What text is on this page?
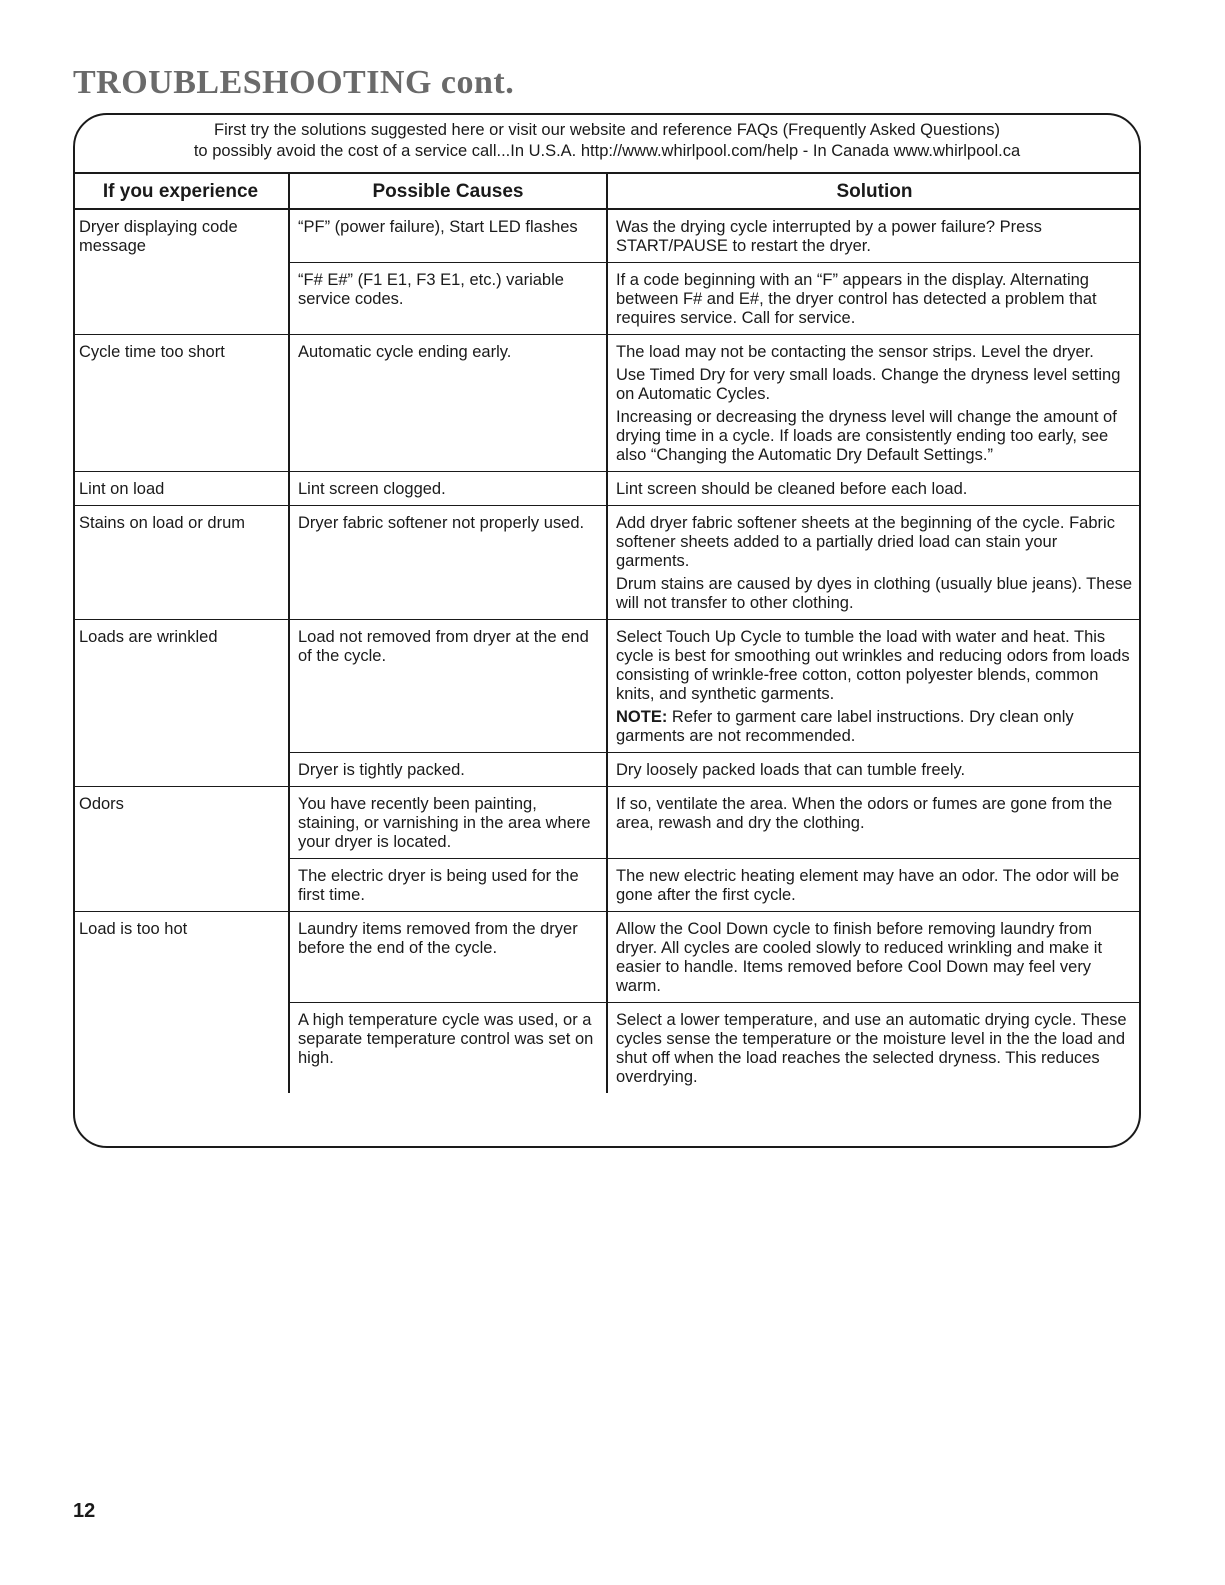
TROUBLESHOOTING cont.
First try the solutions suggested here or visit our website and reference FAQs (Frequently Asked Questions)
to possibly avoid the cost of a service call...In U.S.A. http://www.whirlpool.com/help - In Canada www.whirlpool.ca
If you experience	Possible Causes	Solution
Dryer displaying code message	“PF” (power failure), Start LED flashes	Was the drying cycle interrupted by a power failure? Press START/PAUSE to restart the dryer.

	“F# E#” (F1 E1, F3 E1, etc.) variable service codes.	If a code beginning with an “F” appears in the display. Alternating between F# and E#, the dryer control has detected a problem that requires service. Call for service.

Cycle time too short	Automatic cycle ending early.	The load may not be contacting the sensor strips. Level the dryer.

Use Timed Dry for very small loads. Change the dryness level setting on Automatic Cycles.

Increasing or decreasing the dryness level will change the amount of drying time in a cycle. If loads are consistently ending too early, see also “Changing the Automatic Dry Default Settings.”

Lint on load	Lint screen clogged.	Lint screen should be cleaned before each load.

Stains on load or drum	Dryer fabric softener not properly used.	Add dryer fabric softener sheets at the beginning of the cycle. Fabric softener sheets added to a partially dried load can stain your garments.

Drum stains are caused by dyes in clothing (usually blue jeans). These will not transfer to other clothing.

Loads are wrinkled	Load not removed from dryer at the end of the cycle.	Select Touch Up Cycle to tumble the load with water and heat. This cycle is best for smoothing out wrinkles and reducing odors from loads consisting of wrinkle-free cotton, cotton polyester blends, common knits, and synthetic garments.

NOTE: Refer to garment care label instructions. Dry clean only garments are not recommended.

	Dryer is tightly packed.	Dry loosely packed loads that can tumble freely.

Odors	You have recently been painting, staining, or varnishing in the area where your dryer is located.	If so, ventilate the area. When the odors or fumes are gone from the area, rewash and dry the clothing.

	The electric dryer is being used for the first time.	The new electric heating element may have an odor. The odor will be gone after the first cycle.

Load is too hot	Laundry items removed from the dryer before the end of the cycle.	Allow the Cool Down cycle to finish before removing laundry from dryer. All cycles are cooled slowly to reduced wrinkling and make it easier to handle. Items removed before Cool Down may feel very warm.

	A high temperature cycle was used, or a separate temperature control was set on high.	Select a lower temperature, and use an automatic drying cycle. These cycles sense the temperature or the moisture level in the the load and shut off when the load reaches the selected dryness. This reduces overdrying.

12
